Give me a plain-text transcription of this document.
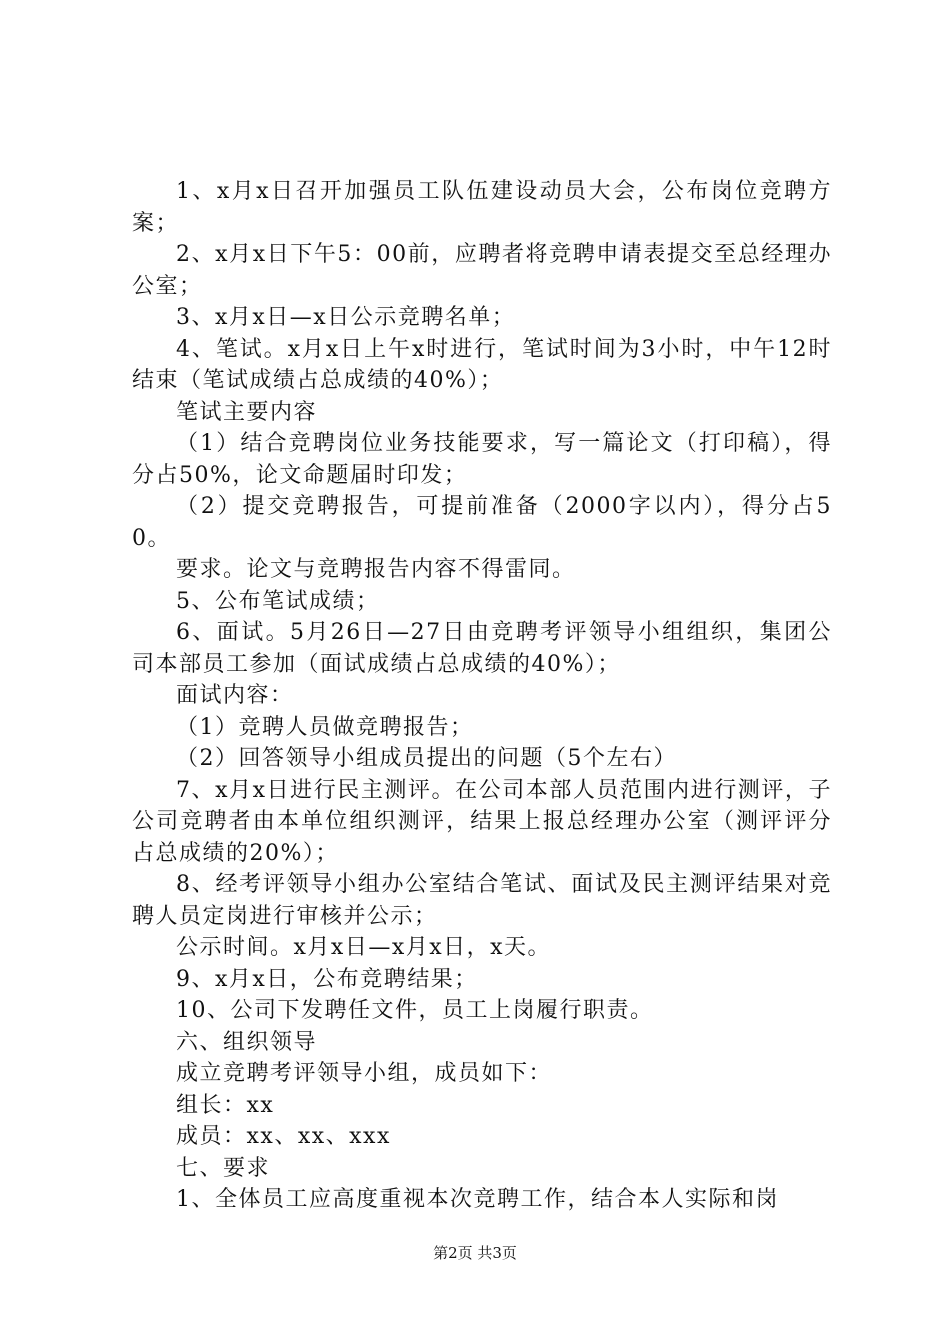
1、x月x日召开加强员工队伍建设动员大会，公布岗位竞聘方案；

2、x月x日下午5：00前，应聘者将竞聘申请表提交至总经理办公室；

3、x月x日—x日公示竞聘名单；

4、笔试。x月x日上午x时进行，笔试时间为3小时，中午12时结束（笔试成绩占总成绩的40%）；

笔试主要内容

（1）结合竞聘岗位业务技能要求，写一篇论文（打印稿），得分占50%，论文命题届时印发；

（2）提交竞聘报告，可提前准备（2000字以内），得分占50。

要求。论文与竞聘报告内容不得雷同。

5、公布笔试成绩；

6、面试。5月26日—27日由竞聘考评领导小组组织，集团公司本部员工参加（面试成绩占总成绩的40%）；

面试内容：

（1）竞聘人员做竞聘报告；

（2）回答领导小组成员提出的问题（5个左右）

7、x月x日进行民主测评。在公司本部人员范围内进行测评，子公司竞聘者由本单位组织测评，结果上报总经理办公室（测评评分占总成绩的20%）；

8、经考评领导小组办公室结合笔试、面试及民主测评结果对竞聘人员定岗进行审核并公示；

公示时间。x月x日—x月x日，x天。

9、x月x日，公布竞聘结果；

10、公司下发聘任文件，员工上岗履行职责。

六、组织领导

成立竞聘考评领导小组，成员如下：

组长：xx

成员：xx、xx、xxx

七、要求

1、全体员工应高度重视本次竞聘工作，结合本人实际和岗

第2页 共3页
